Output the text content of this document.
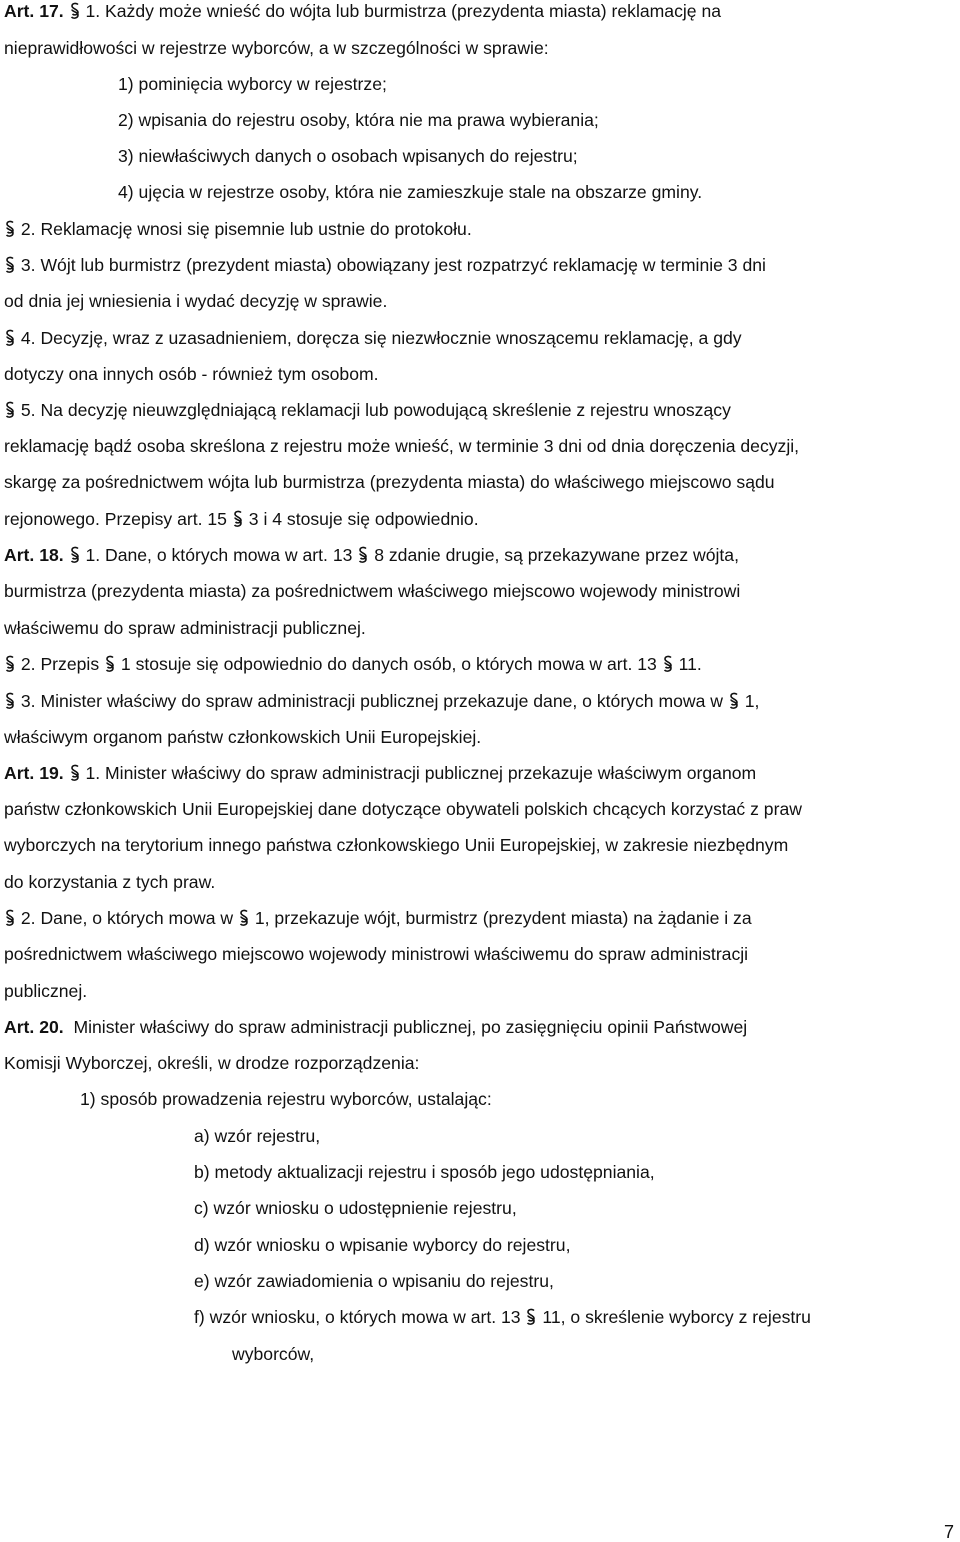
Art. 17. 1. Każdy może wnieść do wójta lub burmistrza (prezydenta miasta) reklamację na
nieprawidłowości w rejestrze wyborców, a w szczególności w sprawie:
1) pominięcia wyborcy w rejestrze;
2) wpisania do rejestru osoby, która nie ma prawa wybierania;
3) niewłaściwych danych o osobach wpisanych do rejestru;
4) ujęcia w rejestrze osoby, która nie zamieszkuje stale na obszarze gminy.
2. Reklamację wnosi się pisemnie lub ustnie do protokołu.
3. Wójt lub burmistrz (prezydent miasta) obowiązany jest rozpatrzyć reklamację w terminie 3 dni
od dnia jej wniesienia i wydać decyzję w sprawie.
4. Decyzję, wraz z uzasadnieniem, doręcza się niezwłocznie wnoszącemu reklamację, a gdy
dotyczy ona innych osób - również tym osobom.
5. Na decyzję nieuwzględniającą reklamacji lub powodującą skreślenie z rejestru wnoszący
reklamację bądź osoba skreślona z rejestru może wnieść, w terminie 3 dni od dnia doręczenia decyzji,
skargę za pośrednictwem wójta lub burmistrza (prezydenta miasta) do właściwego miejscowo sądu
rejonowego. Przepisy art. 15 3 i 4 stosuje się odpowiednio.
Art. 18. 1. Dane, o których mowa w art. 13 8 zdanie drugie, są przekazywane przez wójta,
burmistrza (prezydenta miasta) za pośrednictwem właściwego miejscowo wojewody ministrowi
właściwemu do spraw administracji publicznej.
2. Przepis 1 stosuje się odpowiednio do danych osób, o których mowa w art. 13 11.
3. Minister właściwy do spraw administracji publicznej przekazuje dane, o których mowa w 1,
właściwym organom państw członkowskich Unii Europejskiej.
Art. 19. 1. Minister właściwy do spraw administracji publicznej przekazuje właściwym organom
państw członkowskich Unii Europejskiej dane dotyczące obywateli polskich chcących korzystać z praw
wyborczych na terytorium innego państwa członkowskiego Unii Europejskiej, w zakresie niezbędnym
do korzystania z tych praw.
2. Dane, o których mowa w 1, przekazuje wójt, burmistrz (prezydent miasta) na żądanie i za
pośrednictwem właściwego miejscowo wojewody ministrowi właściwemu do spraw administracji
publicznej.
Art. 20. Minister właściwy do spraw administracji publicznej, po zasięgnięciu opinii Państwowej
Komisji Wyborczej, określi, w drodze rozporządzenia:
1) sposób prowadzenia rejestru wyborców, ustalając:
a) wzór rejestru,
b) metody aktualizacji rejestru i sposób jego udostępniania,
c) wzór wniosku o udostępnienie rejestru,
d) wzór wniosku o wpisanie wyborcy do rejestru,
e) wzór zawiadomienia o wpisaniu do rejestru,
f) wzór wniosku, o których mowa w art. 13 11, o skreślenie wyborcy z rejestru
wyborców,
7
